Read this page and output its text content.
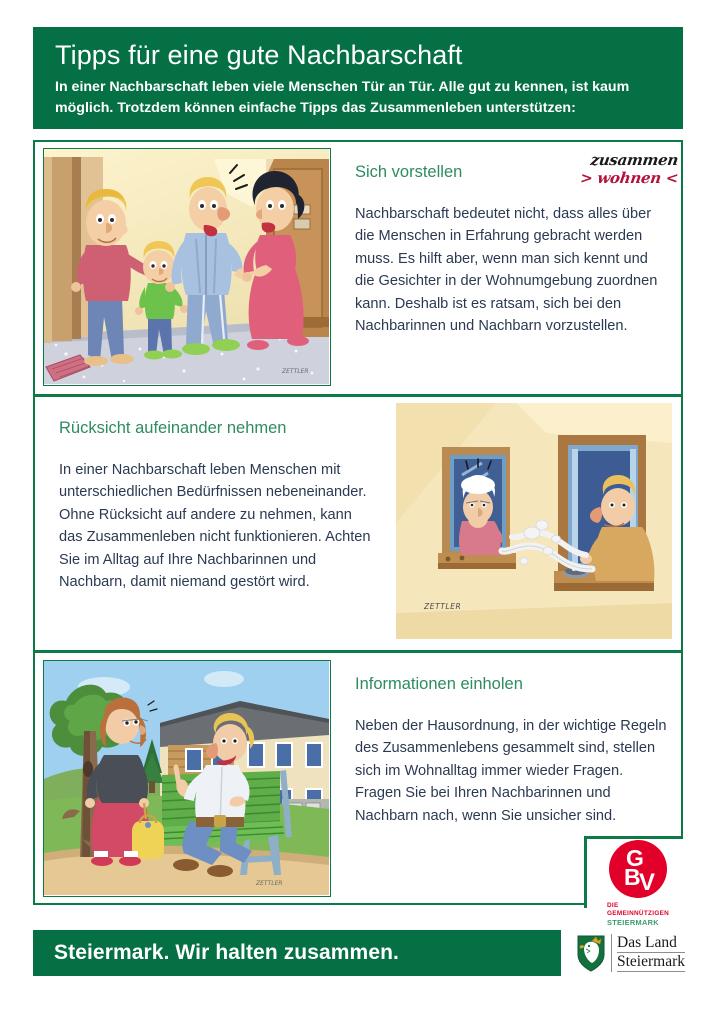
Tipps für eine gute Nachbarschaft
In einer Nachbarschaft leben viele Menschen Tür an Tür. Alle gut zu kennen, ist kaum möglich. Trotzdem können einfache Tipps das Zusammenleben unterstützen:
ZETTLER
Sich vorstellen
Nachbarschaft bedeutet nicht, dass alles über die Menschen in Erfahrung gebracht werden muss. Es hilft aber, wenn man sich kennt und die Gesichter in der Wohnumgebung zuordnen kann. Deshalb ist es ratsam, sich bei den Nachbarinnen und Nachbarn vorzustellen.
zusammen
> wohnen <
Rücksicht aufeinander nehmen
In einer Nachbarschaft leben Menschen mit unterschiedlichen Bedürfnissen nebeneinander. Ohne Rücksicht auf andere zu nehmen, kann das Zusammenleben nicht funktionieren. Achten Sie im Alltag auf Ihre Nachbarinnen und Nachbarn, damit niemand gestört wird.
ZETTLER
ZETTLER
Informationen einholen
Neben der Hausordnung, in der wichtige Regeln des Zusammenlebens gesammelt sind, stellen sich im Wohnalltag immer wieder Fragen. Fragen Sie bei Ihren Nachbarinnen und Nachbarn nach, wenn Sie unsicher sind.
G
B
V
DIE
GEMEINNÜTZIGEN
STEIERMARK
Steiermark. Wir halten zusammen.	Das Land
Steiermark
